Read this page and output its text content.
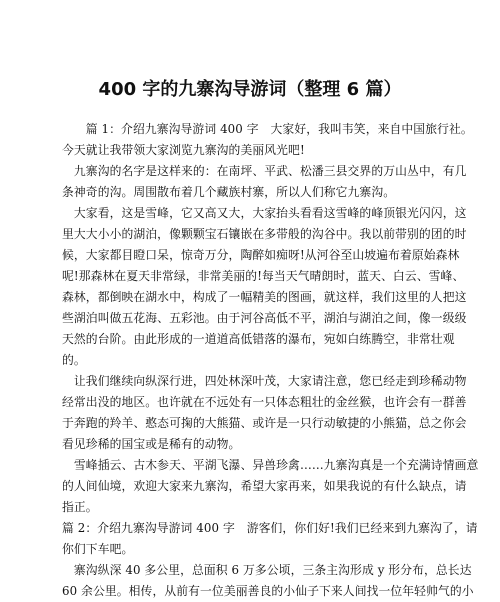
400 字的九寨沟导游词（整理 6 篇）
　　篇 1：介绍九寨沟导游词 400 字　大家好，我叫韦笑，来自中国旅行社。
今天就让我带领大家浏览九寨沟的美丽风光吧!
　九寨沟的名字是这样来的：在南坪、平武、松潘三县交界的万山丛中，有几
条神奇的沟。周围散布着几个藏族村寨，所以人们称它九寨沟。
　大家看，这是雪峰，它又高又大，大家抬头看看这雪峰的峰顶银光闪闪，这
里大大小小的湖泊，像颗颗宝石镶嵌在多带般的沟谷中。我以前带别的团的时
候，大家都目瞪口呆，惊奇万分，陶醉如痴呀!从河谷至山坡遍布着原始森林
呢!那森林在夏天非常绿，非常美丽的!每当天气晴朗时，蓝天、白云、雪峰、
森林，都倒映在湖水中，构成了一幅精美的图画，就这样，我们这里的人把这
些湖泊叫做五花海、五彩池。由于河谷高低不平，湖泊与湖泊之间，像一级级
天然的台阶。由此形成的一道道高低错落的瀑布，宛如白练腾空，非常壮观
的。
　让我们继续向纵深行进，四处林深叶茂，大家请注意，您已经走到珍稀动物
经常出没的地区。也许就在不远处有一只体态粗壮的金丝猴，也许会有一群善
于奔跑的羚羊、憨态可掬的大熊猫、或许是一只行动敏捷的小熊猫，总之你会
看见珍稀的国宝或是稀有的动物。
　雪峰插云、古木参天、平湖飞瀑、异兽珍禽……九寨沟真是一个充满诗情画意
的人间仙境，欢迎大家来九寨沟，希望大家再来，如果我说的有什么缺点，请
指正。
篇 2：介绍九寨沟导游词 400 字　游客们，你们好!我们已经来到九寨沟了，请
你们下车吧。
　寨沟纵深 40 多公里，总面积 6 万多公顷，三条主沟形成 y 形分布，总长达
60 余公里。相传，从前有一位美丽善良的小仙子下来人间找一位年轻帅气的小
